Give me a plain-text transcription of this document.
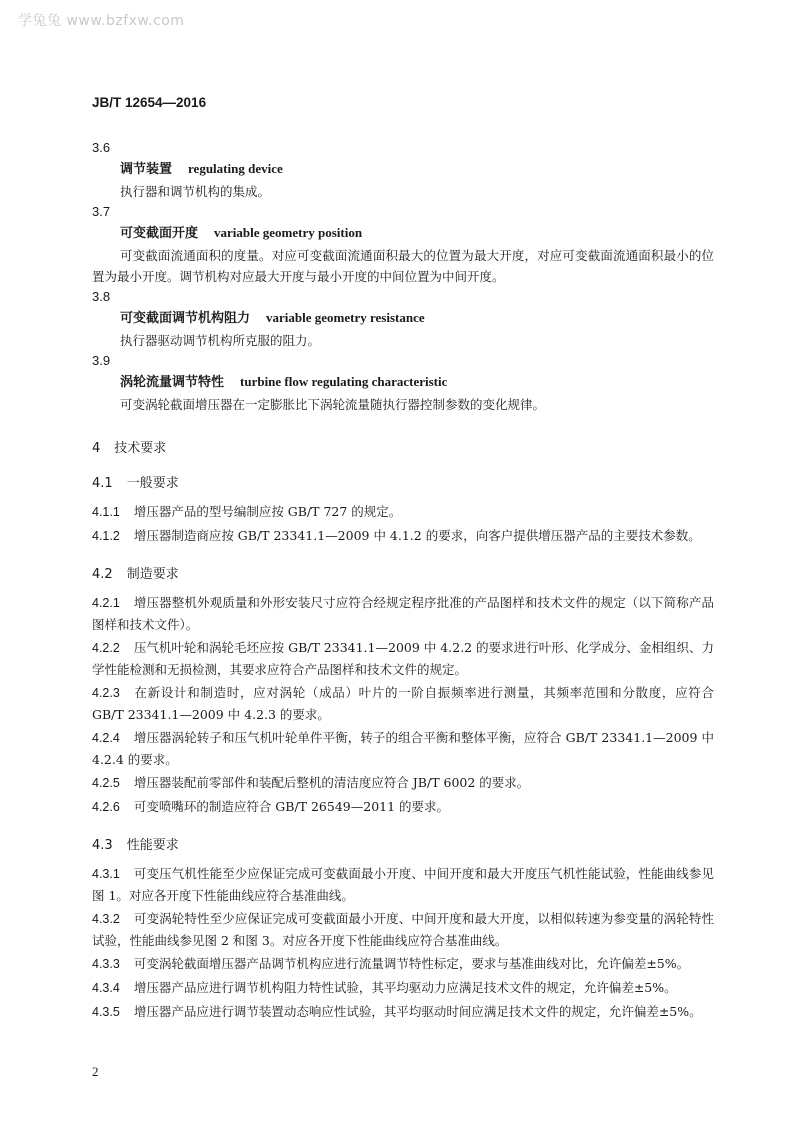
学兔兔 www.bzfxw.com
JB/T 12654—2016
3.6
调节装置 regulating device
执行器和调节机构的集成。
3.7
可变截面开度 variable geometry position
可变截面流通面积的度量。对应可变截面流通面积最大的位置为最大开度，对应可变截面流通面积最小的位置为最小开度。调节机构对应最大开度与最小开度的中间位置为中间开度。
3.8
可变截面调节机构阻力 variable geometry resistance
执行器驱动调节机构所克服的阻力。
3.9
涡轮流量调节特性 turbine flow regulating characteristic
可变涡轮截面增压器在一定膨胀比下涡轮流量随执行器控制参数的变化规律。
4 技术要求
4.1 一般要求
4.1.1 增压器产品的型号编制应按 GB/T 727 的规定。
4.1.2 增压器制造商应按 GB/T 23341.1—2009 中 4.1.2 的要求，向客户提供增压器产品的主要技术参数。
4.2 制造要求
4.2.1 增压器整机外观质量和外形安装尺寸应符合经规定程序批准的产品图样和技术文件的规定（以下简称产品图样和技术文件）。
4.2.2 压气机叶轮和涡轮毛坯应按 GB/T 23341.1—2009 中 4.2.2 的要求进行叶形、化学成分、金相组织、力学性能检测和无损检测，其要求应符合产品图样和技术文件的规定。
4.2.3 在新设计和制造时，应对涡轮（成品）叶片的一阶自振频率进行测量，其频率范围和分散度，应符合 GB/T 23341.1—2009 中 4.2.3 的要求。
4.2.4 增压器涡轮转子和压气机叶轮单件平衡，转子的组合平衡和整体平衡，应符合 GB/T 23341.1—2009 中 4.2.4 的要求。
4.2.5 增压器装配前零部件和装配后整机的清洁度应符合 JB/T 6002 的要求。
4.2.6 可变喷嘴环的制造应符合 GB/T 26549—2011 的要求。
4.3 性能要求
4.3.1 可变压气机性能至少应保证完成可变截面最小开度、中间开度和最大开度压气机性能试验，性能曲线参见图 1。对应各开度下性能曲线应符合基准曲线。
4.3.2 可变涡轮特性至少应保证完成可变截面最小开度、中间开度和最大开度，以相似转速为参变量的涡轮特性试验，性能曲线参见图 2 和图 3。对应各开度下性能曲线应符合基准曲线。
4.3.3 可变涡轮截面增压器产品调节机构应进行流量调节特性标定，要求与基准曲线对比，允许偏差±5%。
4.3.4 增压器产品应进行调节机构阻力特性试验，其平均驱动力应满足技术文件的规定，允许偏差±5%。
4.3.5 增压器产品应进行调节装置动态响应性试验，其平均驱动时间应满足技术文件的规定，允许偏差±5%。
2
